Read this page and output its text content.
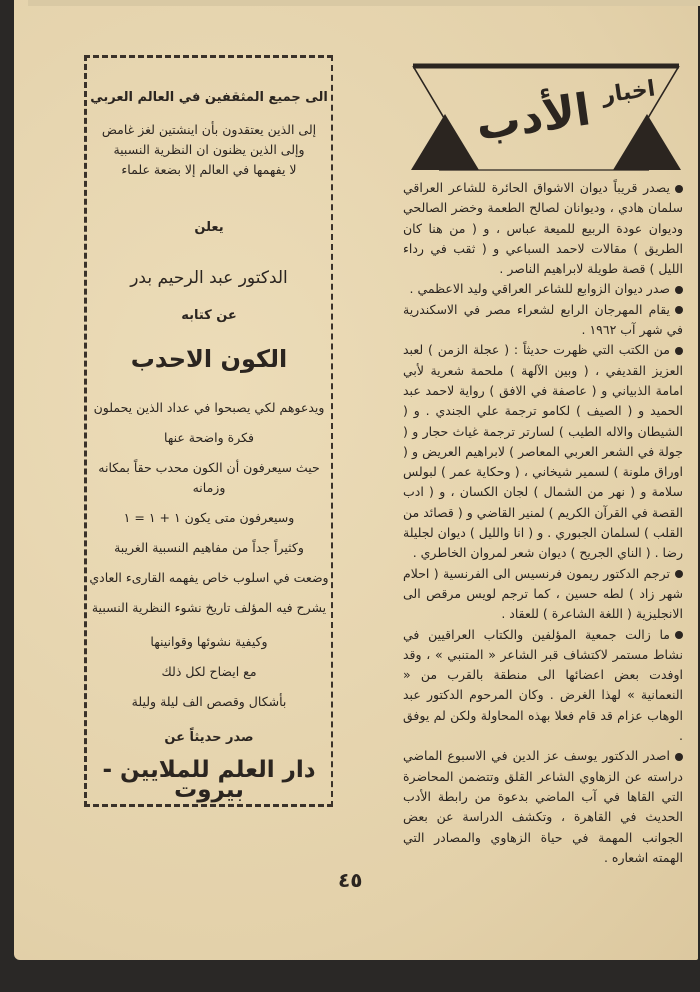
اخبار
الأدب
يصدر قريباً ديوان الاشواق الحائرة للشاعر العراقي سلمان هادي ، وديوانان لصالح الطعمة وخضر الصالحي وديوان عودة الربيع للميعة عباس ، و ( من هنا كان الطريق ) مقالات لاحمد السباعي و ( ثقب في رداء الليل ) قصة طويلة لابراهيم الناصر .
صدر ديوان الزوابع للشاعر العراقي وليد الاعظمي .
يقام المهرجان الرابع لشعراء مصر في الاسكندرية في شهر آب ١٩٦٢ .
من الكتب التي ظهرت حديثاً : ( عجلة الزمن ) لعبد العزيز القديفي ، ( وبين الآلهة ) ملحمة شعرية لأبي امامة الذبياني و ( عاصفة في الافق ) رواية لاحمد عبد الحميد و ( الصيف ) لكامو ترجمة علي الجندي . و ( الشيطان والاله الطيب ) لسارتر ترجمة غياث حجار و ( جولة في الشعر العربي المعاصر ) لابراهيم العريض و ( اوراق ملونة ) لسمير شيخاني ، ( وحكاية عمر ) لبولس سلامة و ( نهر من الشمال ) لجان الكسان ، و ( ادب القصة في القرآن الكريم ) لمنير القاضي و ( قصائد من القلب ) لسلمان الجبوري . و ( انا والليل ) ديوان لجليلة رضا . ( الناي الجريح ) ديوان شعر لمروان الخاطري .
ترجم الدكتور ريمون فرنسيس الى الفرنسية ( احلام شهر زاد ) لطه حسين ، كما ترجم لويس مرقص الى الانجليزية ( اللغة الشاعرة ) للعقاد .
ما زالت جمعية المؤلفين والكتاب العراقيين في نشاط مستمر لاكتشاف قبر الشاعر « المتنبي » ، وقد اوفدت بعض اعضائها الى منطقة بالقرب من « النعمانية » لهذا الغرض . وكان المرحوم الدكتور عبد الوهاب عزام قد قام فعلا بهذه المحاولة ولكن لم يوفق .
اصدر الدكتور يوسف عز الدين في الاسبوع الماضي دراسته عن الزهاوي الشاعر القلق وتتضمن المحاضرة التي القاها في آب الماضي بدعوة من رابطة الأدب الحديث في القاهرة ، وتكشف الدراسة عن بعض الجوانب المهمة في حياة الزهاوي والمصادر التي الهمته اشعاره .

الى جميع المثقفين في العالم العربي

إلى الذين يعتقدون بأن اينشتين لغز غامض

وإلى الذين يظنون ان النظرية النسبية

لا يفهمها في العالم إلا بضعة علماء

يعلن

الدكتور عبد الرحيم بدر

عن كتابه

الكون الاحدب

ويدعوهم لكي يصبحوا في عداد الذين يحملون

فكرة واضحة عنها

حيث سيعرفون أن الكون محدب حقاً بمكانه وزمانه

وسيعرفون متى يكون ١ + ١ = ١

وكثيراً جداً من مفاهيم النسبية الغريبة

وضعت في اسلوب خاص يفهمه القارىء العادي

يشرح فيه المؤلف تاريخ نشوء النظرية النسبية

وكيفية نشوئها وقوانينها

مع ايضاح لكل ذلك

بأشكال وقصص الف ليلة وليلة

صدر حديثاً عن

دار العلم للملايين - بيروت

٤٥
